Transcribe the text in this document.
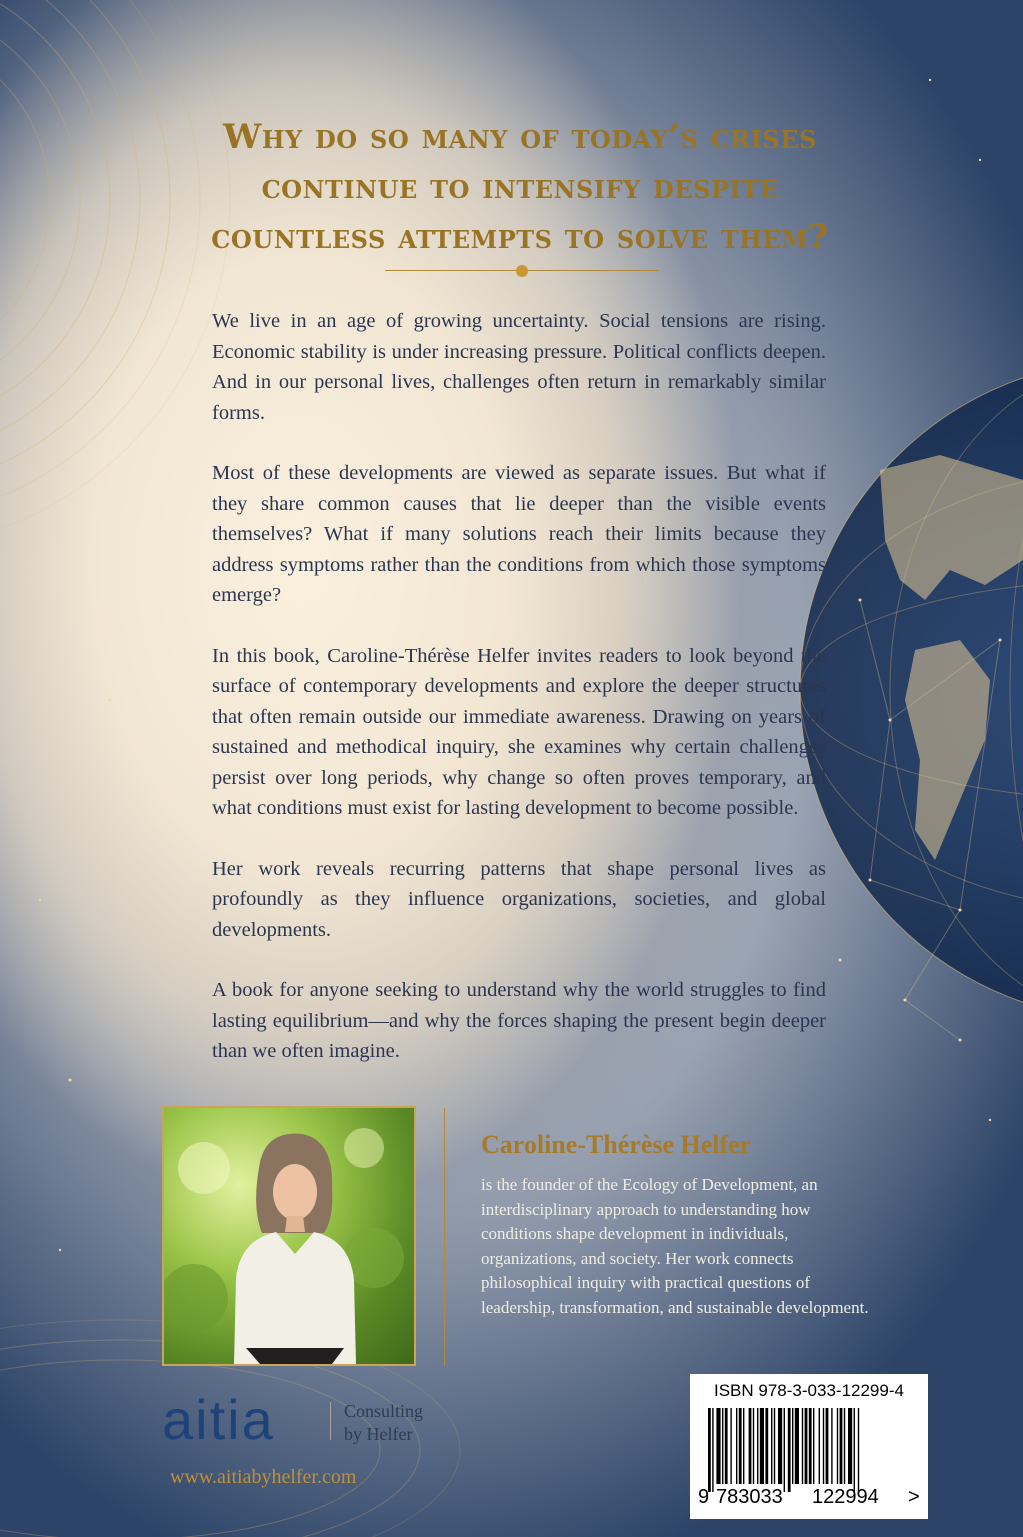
Why do so many of today’s crises
continue to intensify despite
countless attempts to solve them?

We live in an age of growing uncertainty. Social tensions are rising. Economic stability is under increasing pressure. Political conflicts deepen. And in our personal lives, challenges often return in remarkably similar forms.

Most of these developments are viewed as separate issues. But what if they share common causes that lie deeper than the visible events themselves? What if many solutions reach their limits because they address symptoms rather than the conditions from which those symptoms emerge?

In this book, Caroline-Thérèse Helfer invites readers to look beyond the surface of contemporary developments and explore the deeper structures that often remain outside our immediate awareness. Drawing on years of sustained and methodical inquiry, she examines why certain challenges persist over long periods, why change so often proves temporary, and what conditions must exist for lasting development to become possible.

Her work reveals recurring patterns that shape personal lives as profoundly as they influence organizations, societies, and global developments.

A book for anyone seeking to understand why the world struggles to find lasting equilibrium—and why the forces shaping the present begin deeper than we often imagine.

Caroline-Thérèse Helfer

is the founder of the Ecology of Development, an interdisciplinary approach to understanding how conditions shape development in individuals, organizations, and society. Her work connects philosophical inquiry with practical questions of leadership, transformation, and sustainable development.

aitia	Consulting
by Helfer

www.aitiabyhelfer.com

ISBN 978-3-033-12299-4

9 783033 122994 >
